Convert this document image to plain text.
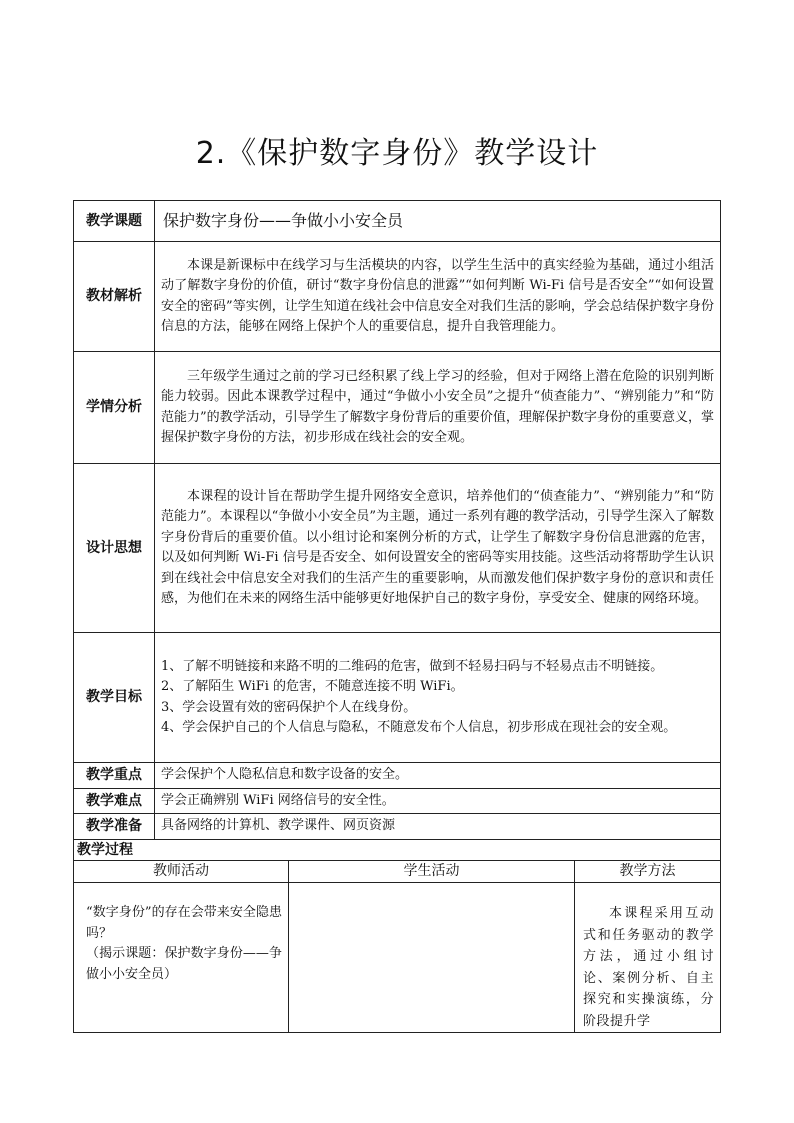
2.《保护数字身份》教学设计
教学课题	保护数字身份——争做小小安全员		
教材解析	本课是新课标中在线学习与生活模块的内容，以学生生活中的真实经验为基础，通过小组活动了解数字身份的价值，研讨“数字身份信息的泄露”“如何判断 Wi-Fi 信号是否安全”“如何设置安全的密码”等实例，让学生知道在线社会中信息安全对我们生活的影响，学会总结保护数字身份信息的方法，能够在网络上保护个人的重要信息，提升自我管理能力。		
学情分析	三年级学生通过之前的学习已经积累了线上学习的经验，但对于网络上潜在危险的识别判断能力较弱。因此本课教学过程中，通过“争做小小安全员”之提升“侦查能力”、“辨别能力”和“防范能力”的教学活动，引导学生了解数字身份背后的重要价值，理解保护数字身份的重要意义，掌握保护数字身份的方法，初步形成在线社会的安全观。		
设计思想	本课程的设计旨在帮助学生提升网络安全意识，培养他们的“侦查能力”、“辨别能力”和“防范能力”。本课程以“争做小小安全员”为主题，通过一系列有趣的教学活动，引导学生深入了解数字身份背后的重要价值。以小组讨论和案例分析的方式，让学生了解数字身份信息泄露的危害，以及如何判断 Wi-Fi 信号是否安全、如何设置安全的密码等实用技能。这些活动将帮助学生认识到在线社会中信息安全对我们的生活产生的重要影响，从而激发他们保护数字身份的意识和责任感，为他们在未来的网络生活中能够更好地保护自己的数字身份，享受安全、健康的网络环境。		
教学目标	1、了解不明链接和来路不明的二维码的危害，做到不轻易扫码与不轻易点击不明链接。

2、了解陌生 WiFi 的危害，不随意连接不明 WiFi。

3、学会设置有效的密码保护个人在线身份。

4、学会保护自己的个人信息与隐私，不随意发布个人信息，初步形成在现社会的安全观。		

教学重点	学会保护个人隐私信息和数字设备的安全。		
教学难点	学会正确辨别 WiFi 网络信号的安全性。		
教学准备	具备网络的计算机、教学课件、网页资源		
教学过程			
教师活动		学生活动	教学方法
“数字身份”的存在会带来安全隐患吗？
（揭示课题：保护数字身份——争做小小安全员）			本课程采用互动式和任务驱动的教学方法，通过小组讨论、案例分析、自主探究和实操演练，分阶段提升学
